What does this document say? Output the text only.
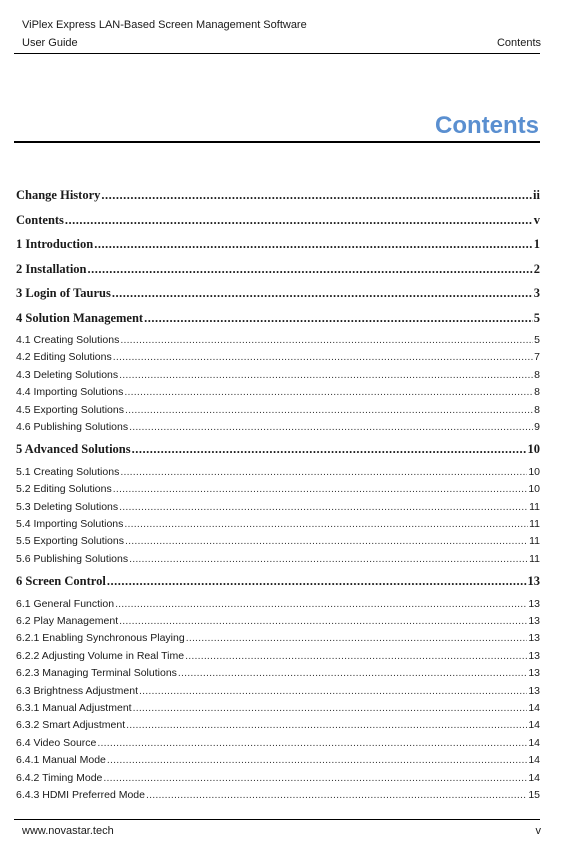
ViPlex Express LAN-Based Screen Management Software
User Guide	Contents
Contents
Change History .....	ii
Contents .....	v
1 Introduction .....	1
2 Installation .....	2
3 Login of Taurus .....	3
4 Solution Management .....	5
4.1 Creating Solutions .....	5
4.2 Editing Solutions .....	7
4.3 Deleting Solutions .....	8
4.4 Importing Solutions .....	8
4.5 Exporting Solutions .....	8
4.6 Publishing Solutions .....	9
5 Advanced Solutions .....	10
5.1 Creating Solutions .....	10
5.2 Editing Solutions .....	10
5.3 Deleting Solutions .....	11
5.4 Importing Solutions .....	11
5.5 Exporting Solutions .....	11
5.6 Publishing Solutions .....	11
6 Screen Control .....	13
6.1 General Function .....	13
6.2 Play Management .....	13
6.2.1 Enabling Synchronous Playing .....	13
6.2.2 Adjusting Volume in Real Time .....	13
6.2.3 Managing Terminal Solutions .....	13
6.3 Brightness Adjustment .....	13
6.3.1 Manual Adjustment .....	14
6.3.2 Smart Adjustment .....	14
6.4 Video Source .....	14
6.4.1 Manual Mode .....	14
6.4.2 Timing Mode .....	14
6.4.3 HDMI Preferred Mode .....	15
www.novastar.tech	v
